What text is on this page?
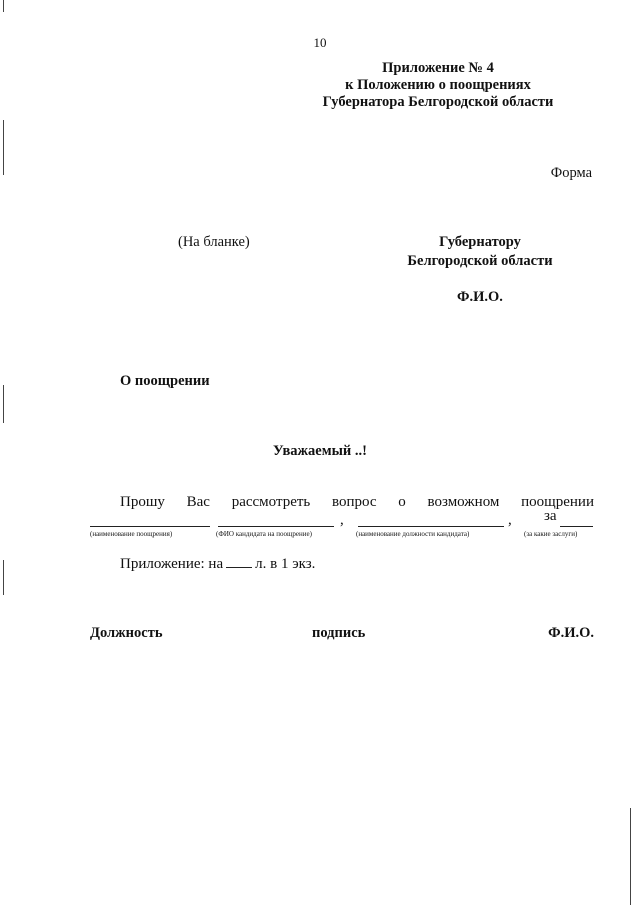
10
Приложение № 4
к Положению о поощрениях
Губернатора Белгородской области
Форма
(На бланке)	Губернатору
Белгородской области
Ф.И.О.
О поощрении
Уважаемый ..!
Прошу Вас рассмотреть вопрос о возможном поощрении
(наименование поощрения)	(ФИО кандидата на поощрение)
,
(наименование должности кандидата)
, за
(за какие заслуги)
Приложение: на л. в 1 экз.
Должность	подпись	Ф.И.О.
